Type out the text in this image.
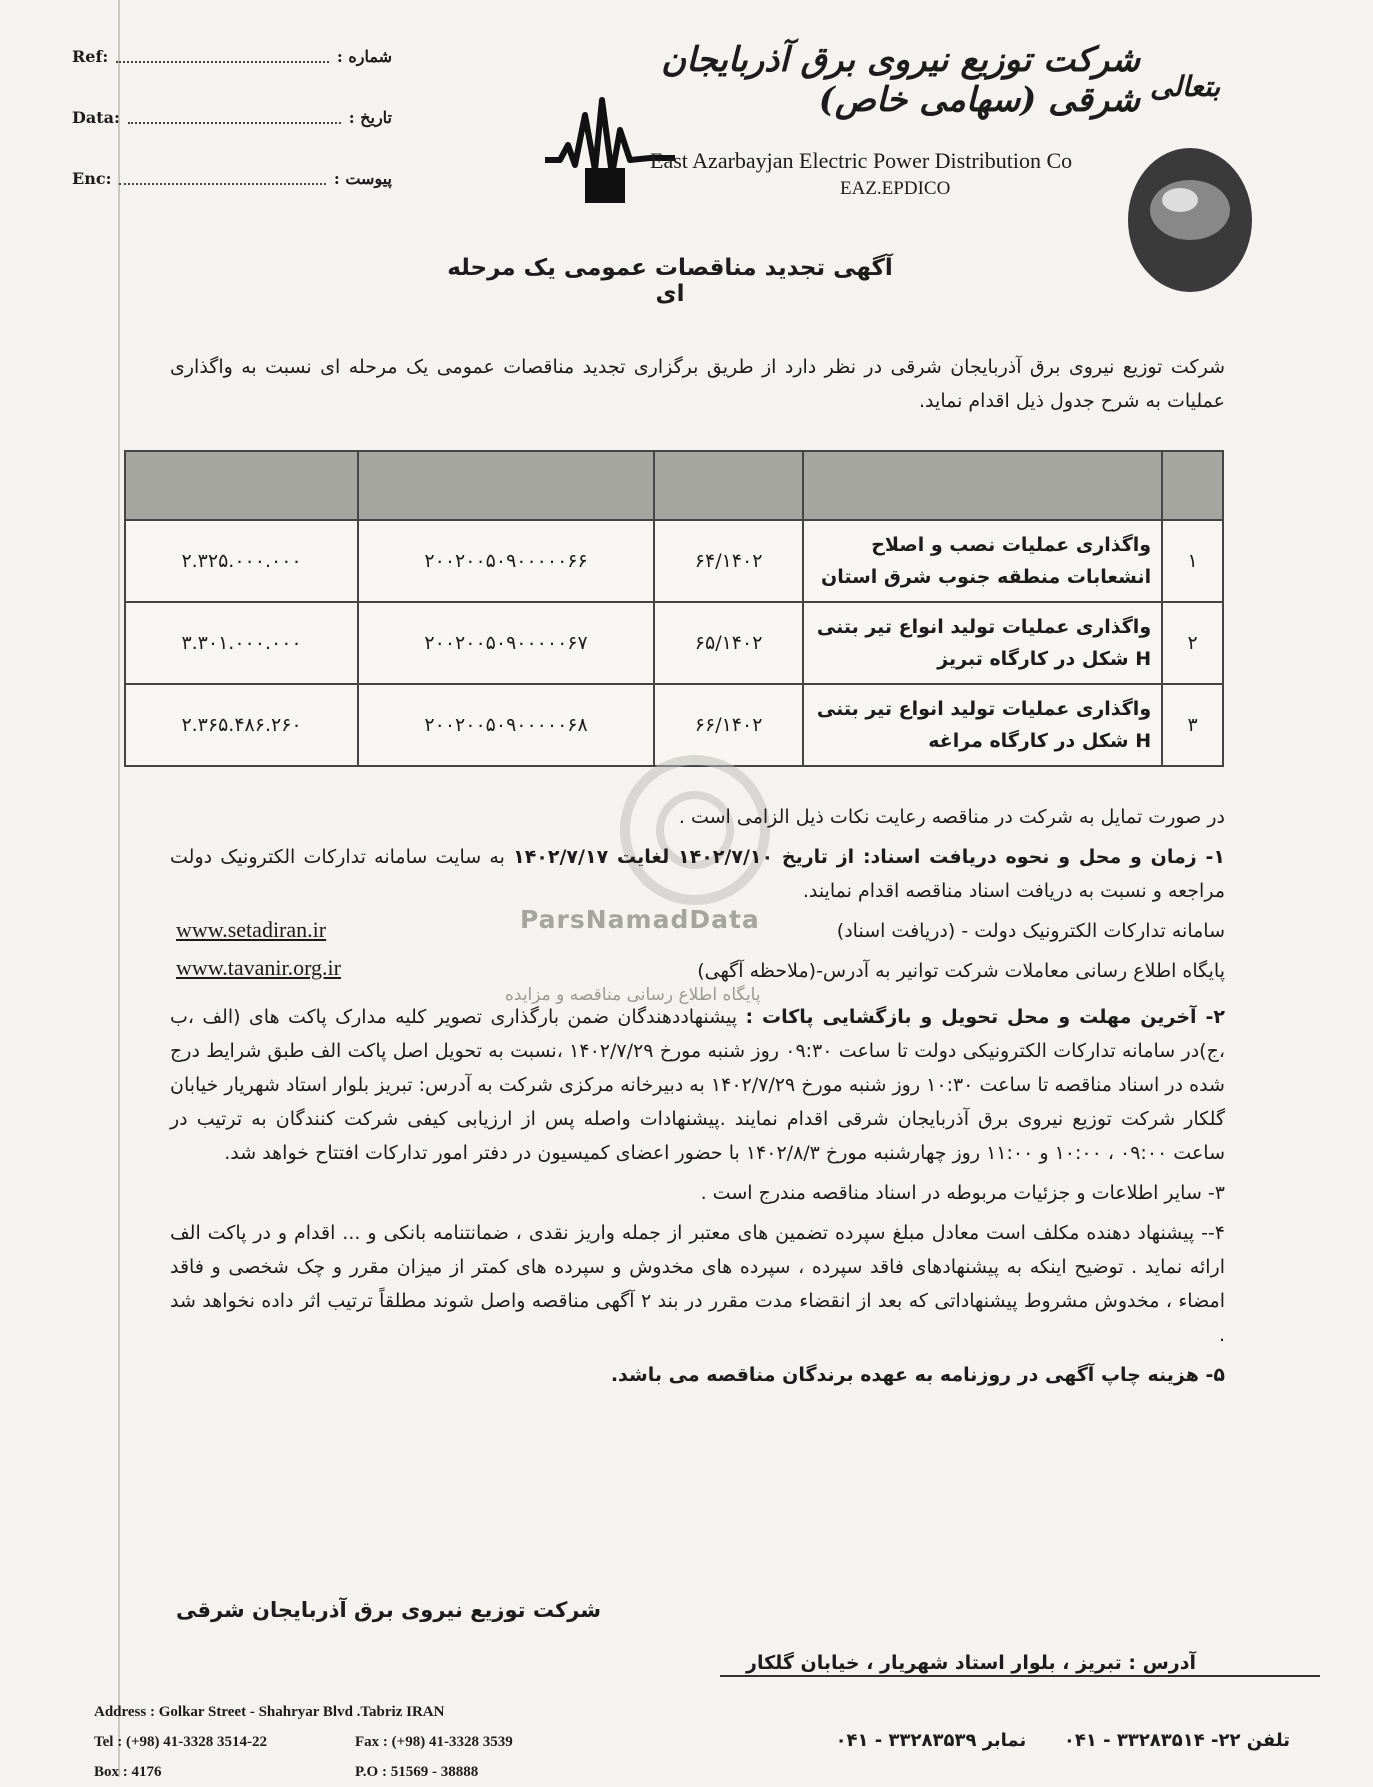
Ref:	شماره :
Data:	تاریخ :
Enc:	پیوست :
بتعالی
شرکت توزیع نیروی برق آذربایجان شرقی (سهامی خاص)
East Azarbayjan Electric Power Distribution Co
EAZ.EPDICO
آگهی تجدید مناقصات عمومی یک مرحله ای
شرکت توزیع نیروی برق آذربایجان شرقی در نظر دارد از طریق برگزاری تجدید مناقصات عمومی یک مرحله ای نسبت به واگذاری عملیات به شرح جدول ذیل اقدام نماید.

۱	واگذاری عملیات نصب و اصلاح انشعابات منطقه جنوب شرق استان	۶۴/۱۴۰۲	۲۰۰۲۰۰۵۰۹۰۰۰۰۰۶۶	۲.۳۲۵.۰۰۰.۰۰۰
۲	واگذاری عملیات تولید انواع تیر بتنی H شکل در کارگاه تبریز	۶۵/۱۴۰۲	۲۰۰۲۰۰۵۰۹۰۰۰۰۰۶۷	۳.۳۰۱.۰۰۰.۰۰۰
۳	واگذاری عملیات تولید انواع تیر بتنی H شکل در کارگاه مراغه	۶۶/۱۴۰۲	۲۰۰۲۰۰۵۰۹۰۰۰۰۰۶۸	۲.۳۶۵.۴۸۶.۲۶۰
ParsNamadData
پایگاه اطلاع رسانی مناقصه و مزایده

در صورت تمایل به شرکت در مناقصه رعایت نکات ذیل الزامی است .

۱- زمان و محل و نحوه دریافت اسناد: از تاریخ ۱۴۰۲/۷/۱۰ لغایت ۱۴۰۲/۷/۱۷ به سایت سامانه تدارکات الکترونیک دولت مراجعه و نسبت به دریافت اسناد مناقصه اقدام نمایند.

سامانه تدارکات الکترونیک دولت - (دریافت اسناد)

پایگاه اطلاع رسانی معاملات شرکت توانیر به آدرس-(ملاحظه آگهی)

۲- آخرین مهلت و محل تحویل و بازگشایی پاکات : پیشنهاددهندگان ضمن بارگذاری تصویر کلیه مدارک پاکت های (الف ،ب ،ج)در سامانه تدارکات الکترونیکی دولت تا ساعت ۰۹:۳۰ روز شنبه مورخ ۱۴۰۲/۷/۲۹ ،نسبت به تحویل اصل پاکت الف طبق شرایط درج شده در اسناد مناقصه تا ساعت ۱۰:۳۰ روز شنبه مورخ ۱۴۰۲/۷/۲۹ به دبیرخانه مرکزی شرکت به آدرس: تبریز بلوار استاد شهریار خیابان گلکار شرکت توزیع نیروی برق آذربایجان شرقی اقدام نمایند .پیشنهادات واصله پس از ارزیابی کیفی شرکت کنندگان به ترتیب در ساعت ۰۹:۰۰ ، ۱۰:۰۰ و ۱۱:۰۰ روز چهارشنبه مورخ ۱۴۰۲/۸/۳ با حضور اعضای کمیسیون در دفتر امور تدارکات افتتاح خواهد شد.

۳- سایر اطلاعات و جزئیات مربوطه در اسناد مناقصه مندرج است .

۴-- پیشنهاد دهنده مکلف است معادل مبلغ سپرده تضمین های معتبر از جمله واریز نقدی ، ضمانتنامه بانکی و ... اقدام و در پاکت الف ارائه نماید . توضیح اینکه به پیشنهادهای فاقد سپرده ، سپرده های مخدوش و سپرده های کمتر از میزان مقرر و چک شخصی و فاقد امضاء ، مخدوش مشروط پیشنهاداتی که بعد از انقضاء مدت مقرر در بند ۲ آگهی مناقصه واصل شوند مطلقاً ترتیب اثر داده نخواهد شد .

۵- هزینه چاپ آگهی در روزنامه به عهده برندگان مناقصه می باشد.

www.setadiran.ir
www.tavanir.org.ir
شرکت توزیع نیروی برق آذربایجان شرقی
آدرس : تبریز ، بلوار استاد شهریار ، خیابان گلکار
Address : Golkar Street - Shahryar Blvd .Tabriz IRAN
Tel : (+98) 41-3328 3514-22
Box : 4176
Fax : (+98) 41-3328 3539
P.O : 51569 - 38888
تلفن ۲۲- ۳۳۲۸۳۵۱۴ - ۰۴۱      نمابر ۳۳۲۸۳۵۳۹ - ۰۴۱
